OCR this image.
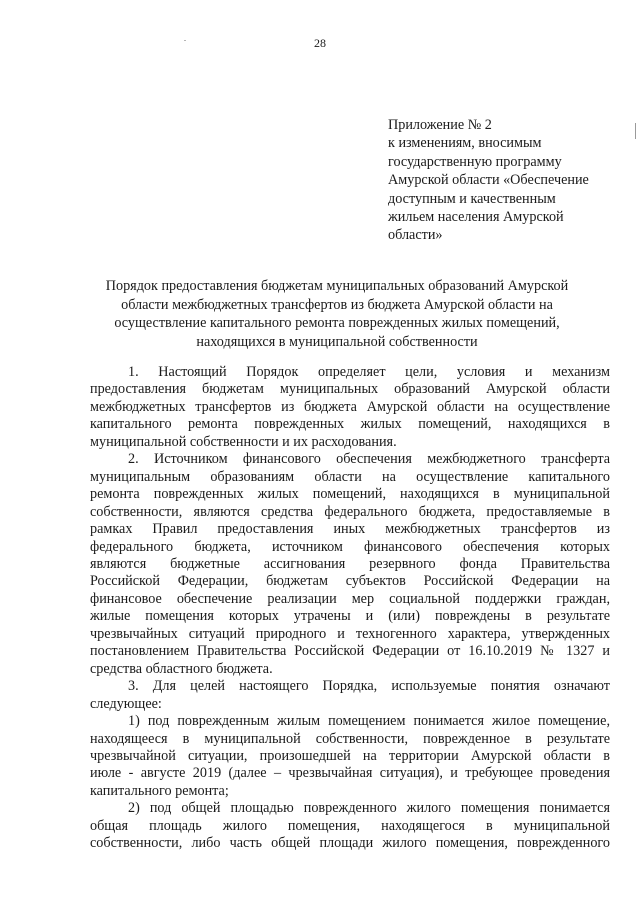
28
Приложение № 2
к изменениям, вносимым
государственную программу
Амурской области «Обеспечение
доступным и качественным
жильем населения Амурской
области»
Порядок предоставления бюджетам муниципальных образований Амурской
области межбюджетных трансфертов из бюджета Амурской области на
осуществление капитального ремонта поврежденных жилых помещений,
находящихся в муниципальной собственности
1. Настоящий Порядок определяет цели, условия и механизм
предоставления бюджетам муниципальных образований Амурской области
межбюджетных трансфертов из бюджета Амурской области на осуществление
капитального ремонта поврежденных жилых помещений, находящихся в
муниципальной собственности и их расходования.
2. Источником финансового обеспечения межбюджетного трансферта
муниципальным образованиям области на осуществление капитального
ремонта поврежденных жилых помещений, находящихся в муниципальной
собственности, являются средства федерального бюджета, предоставляемые в
рамках Правил предоставления иных межбюджетных трансфертов из
федерального бюджета, источником финансового обеспечения которых
являются бюджетные ассигнования резервного фонда Правительства
Российской Федерации, бюджетам субъектов Российской Федерации на
финансовое обеспечение реализации мер социальной поддержки граждан,
жилые помещения которых утрачены и (или) повреждены в результате
чрезвычайных ситуаций природного и техногенного характера, утвержденных
постановлением Правительства Российской Федерации от 16.10.2019 № 1327 и
средства областного бюджета.
3. Для целей настоящего Порядка, используемые понятия означают
следующее:
1) под поврежденным жилым помещением понимается жилое помещение,
находящееся в муниципальной собственности, поврежденное в результате
чрезвычайной ситуации, произошедшей на территории Амурской области в
июле - августе 2019 (далее – чрезвычайная ситуация), и требующее проведения
капитального ремонта;
2) под общей площадью поврежденного жилого помещения понимается
общая площадь жилого помещения, находящегося в муниципальной
собственности, либо часть общей площади жилого помещения, поврежденного
